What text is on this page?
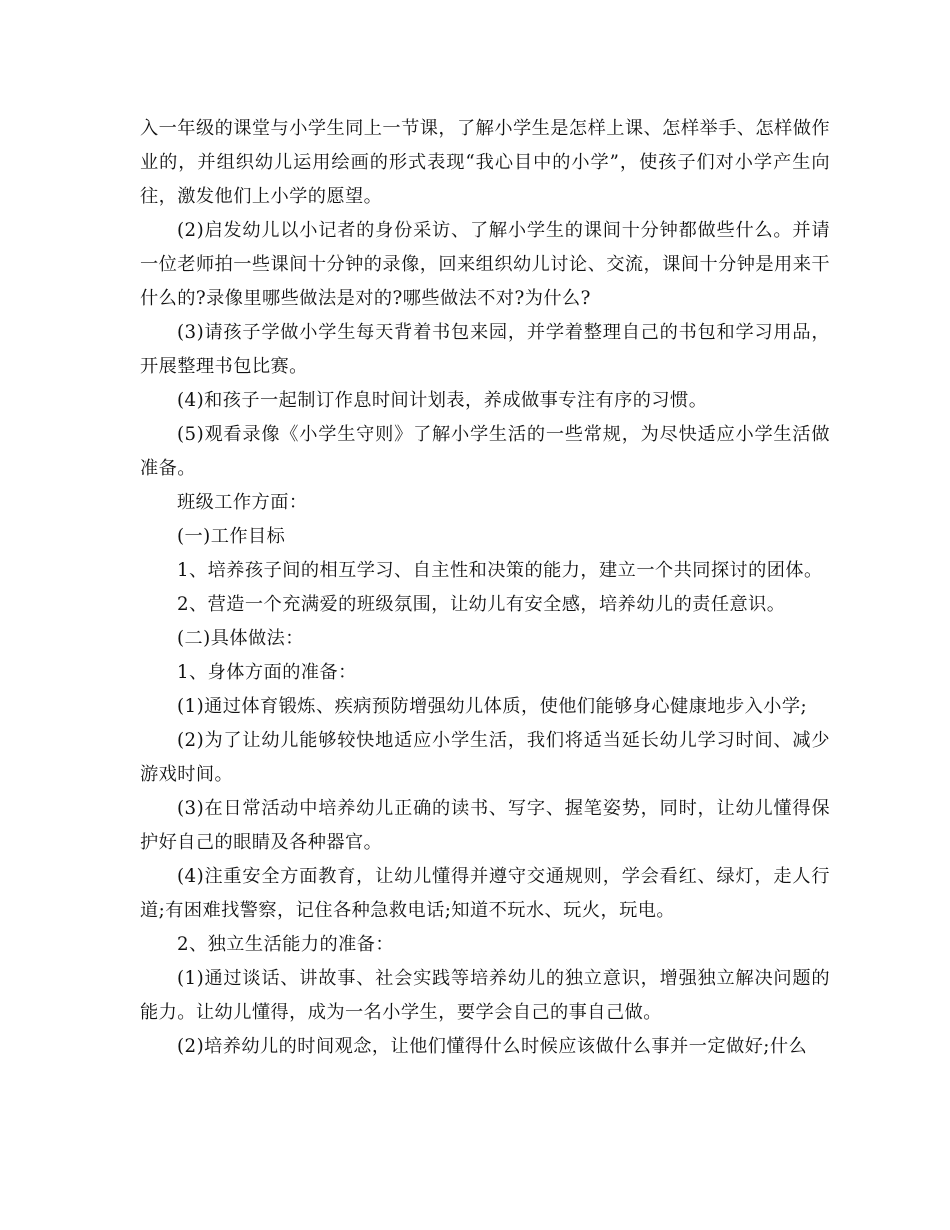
入一年级的课堂与小学生同上一节课，了解小学生是怎样上课、怎样举手、怎样做作业的，并组织幼儿运用绘画的形式表现“我心目中的小学”，使孩子们对小学产生向往，激发他们上小学的愿望。

(2)启发幼儿以小记者的身份采访、了解小学生的课间十分钟都做些什么。并请一位老师拍一些课间十分钟的录像，回来组织幼儿讨论、交流，课间十分钟是用来干什么的?录像里哪些做法是对的?哪些做法不对?为什么?

(3)请孩子学做小学生每天背着书包来园，并学着整理自己的书包和学习用品，开展整理书包比赛。

(4)和孩子一起制订作息时间计划表，养成做事专注有序的习惯。

(5)观看录像《小学生守则》了解小学生活的一些常规，为尽快适应小学生活做准备。

班级工作方面：

(一)工作目标

1、培养孩子间的相互学习、自主性和决策的能力，建立一个共同探讨的团体。

2、营造一个充满爱的班级氛围，让幼儿有安全感，培养幼儿的责任意识。

(二)具体做法：

1、身体方面的准备：

(1)通过体育锻炼、疾病预防增强幼儿体质，使他们能够身心健康地步入小学;

(2)为了让幼儿能够较快地适应小学生活，我们将适当延长幼儿学习时间、减少游戏时间。

(3)在日常活动中培养幼儿正确的读书、写字、握笔姿势，同时，让幼儿懂得保护好自己的眼睛及各种器官。

(4)注重安全方面教育，让幼儿懂得并遵守交通规则，学会看红、绿灯，走人行道;有困难找警察，记住各种急救电话;知道不玩水、玩火，玩电。

2、独立生活能力的准备：

(1)通过谈话、讲故事、社会实践等培养幼儿的独立意识，增强独立解决问题的能力。让幼儿懂得，成为一名小学生，要学会自己的事自己做。

(2)培养幼儿的时间观念，让他们懂得什么时候应该做什么事并一定做好;什么
